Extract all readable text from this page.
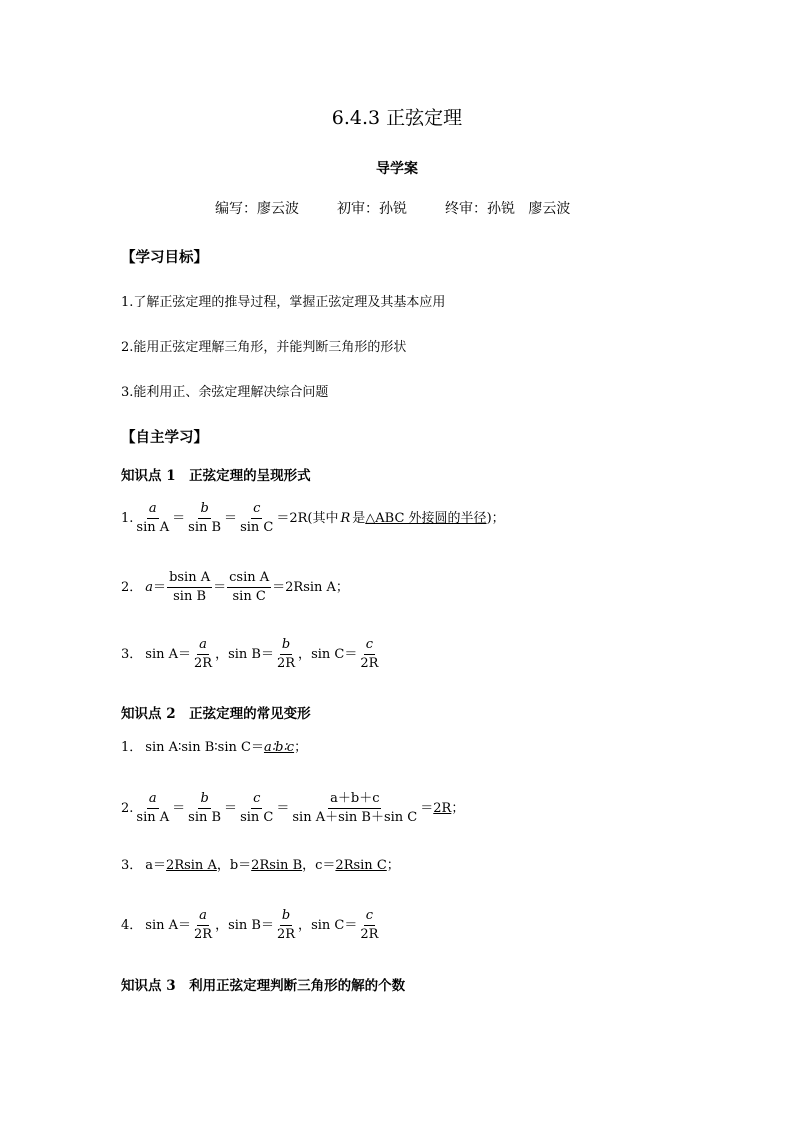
6.4.3 正弦定理
导学案
编写：廖云波	初审：孙锐	终审：孙锐   廖云波
【学习目标】
1.了解正弦定理的推导过程，掌握正弦定理及其基本应用
2.能用正弦定理解三角形，并能判断三角形的形状
3.能利用正、余弦定理解决综合问题
【自主学习】
知识点 1　正弦定理的呈现形式
1. $\frac{a}{\text{sin A}} = \frac{b}{\text{sin B}} = \frac{c}{\text{sin C}} =2R$(其中 R 是 △ABC 外接圆的半径 )；
2． $a = \frac{\text{bsin A}}{\text{sin B}} = \frac{\text{csin A}}{\text{sin C}} =2Rsin$ A；
3． $\sin A= \frac{a}{2R}$ ， $\sin B= \frac{b}{2R}$ ， $\sin C= \frac{c}{2R}$
知识点 2　正弦定理的常见变形
1． sin A∶sin B∶sin C＝ a∶b∶c ；
2. $\frac{a}{\text{sin A}} = \frac{b}{\text{sin B}} = \frac{c}{\text{sin C}} = \frac{a+b+c}{\text{sin A＋sin B＋sin C}} = 2R$ ；
3． a＝ 2Rsin A ， b＝ 2Rsin B ， c＝ 2Rsin C ；
4． $\sin A= \frac{a}{2R}$ ， $\sin B= \frac{b}{2R}$ ， $\sin C= \frac{c}{2R}$
知识点 3　利用正弦定理判断三角形的解的个数
